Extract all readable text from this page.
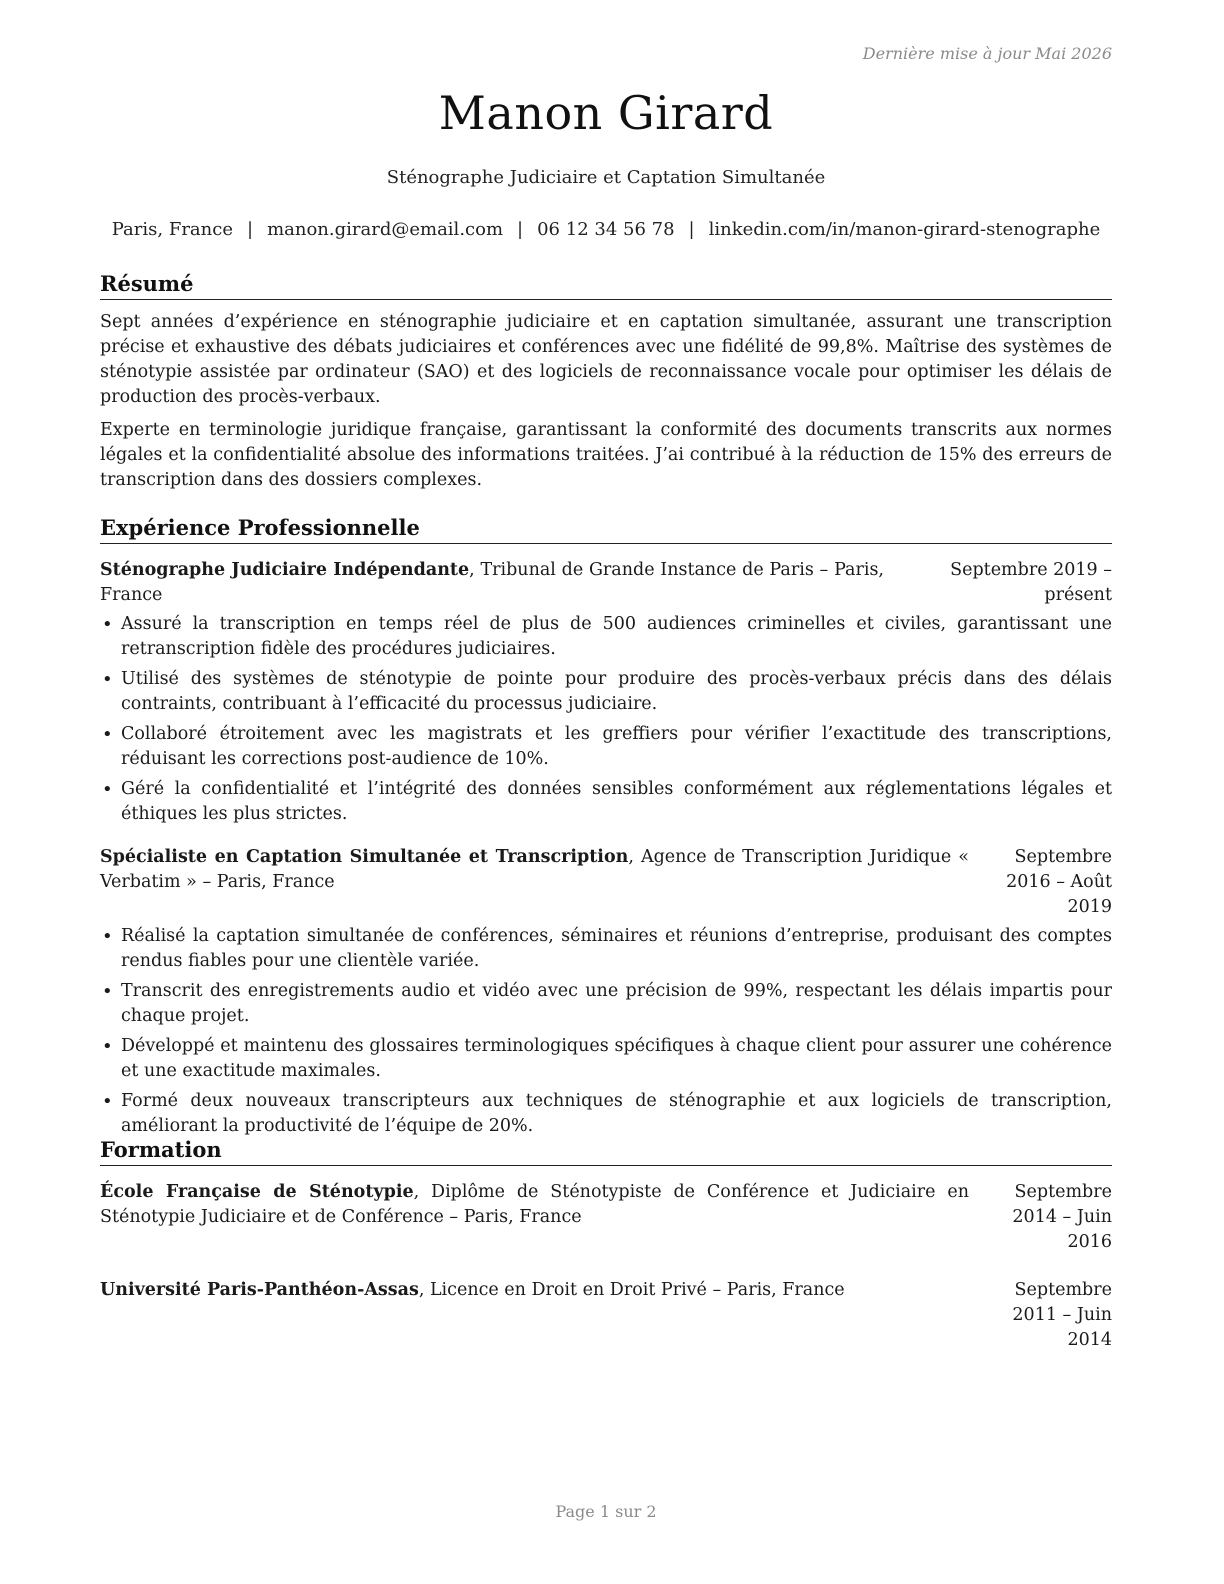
Dernière mise à jour Mai 2026
Manon Girard
Sténographe Judiciaire et Captation Simultanée
Paris, France | manon.girard@email.com | 06 12 34 56 78 | linkedin.com/in/manon-girard-stenographe
Résumé

Sept années d’expérience en sténographie judiciaire et en captation simultanée, assurant une transcription précise et exhaustive des débats judiciaires et conférences avec une fidélité de 99,8%. Maîtrise des systèmes de sténotypie assistée par ordinateur (SAO) et des logiciels de reconnaissance vocale pour optimiser les délais de production des procès-verbaux.

Experte en terminologie juridique française, garantissant la conformité des documents transcrits aux normes légales et la confidentialité absolue des informations traitées. J’ai contribué à la réduction de 15% des erreurs de transcription dans des dossiers complexes.

Expérience Professionnelle
Sténographe Judiciaire Indépendante, Tribunal de Grande Instance de Paris – Paris, France
Septembre 2019 – présent
• Assuré la transcription en temps réel de plus de 500 audiences criminelles et civiles, garantissant une retranscription fidèle des procédures judiciaires.
• Utilisé des systèmes de sténotypie de pointe pour produire des procès-verbaux précis dans des délais contraints, contribuant à l’efficacité du processus judiciaire.
• Collaboré étroitement avec les magistrats et les greffiers pour vérifier l’exactitude des transcriptions, réduisant les corrections post-audience de 10%.
• Géré la confidentialité et l’intégrité des données sensibles conformément aux réglementations légales et éthiques les plus strictes.
Spécialiste en Captation Simultanée et Transcription, Agence de Transcription Juridique « Verbatim » – Paris, France
Septembre 2016 – Août 2019
• Réalisé la captation simultanée de conférences, séminaires et réunions d’entreprise, produisant des comptes rendus fiables pour une clientèle variée.
• Transcrit des enregistrements audio et vidéo avec une précision de 99%, respectant les délais impartis pour chaque projet.
• Développé et maintenu des glossaires terminologiques spécifiques à chaque client pour assurer une cohérence et une exactitude maximales.
• Formé deux nouveaux transcripteurs aux techniques de sténographie et aux logiciels de transcription, améliorant la productivité de l’équipe de 20%.
Formation
École Française de Sténotypie, Diplôme de Sténotypiste de Conférence et Judiciaire en Sténotypie Judiciaire et de Conférence – Paris, France
Septembre 2014 – Juin 2016
Université Paris-Panthéon-Assas, Licence en Droit en Droit Privé – Paris, France	Septembre 2011 – Juin 2014
Page 1 sur 2
